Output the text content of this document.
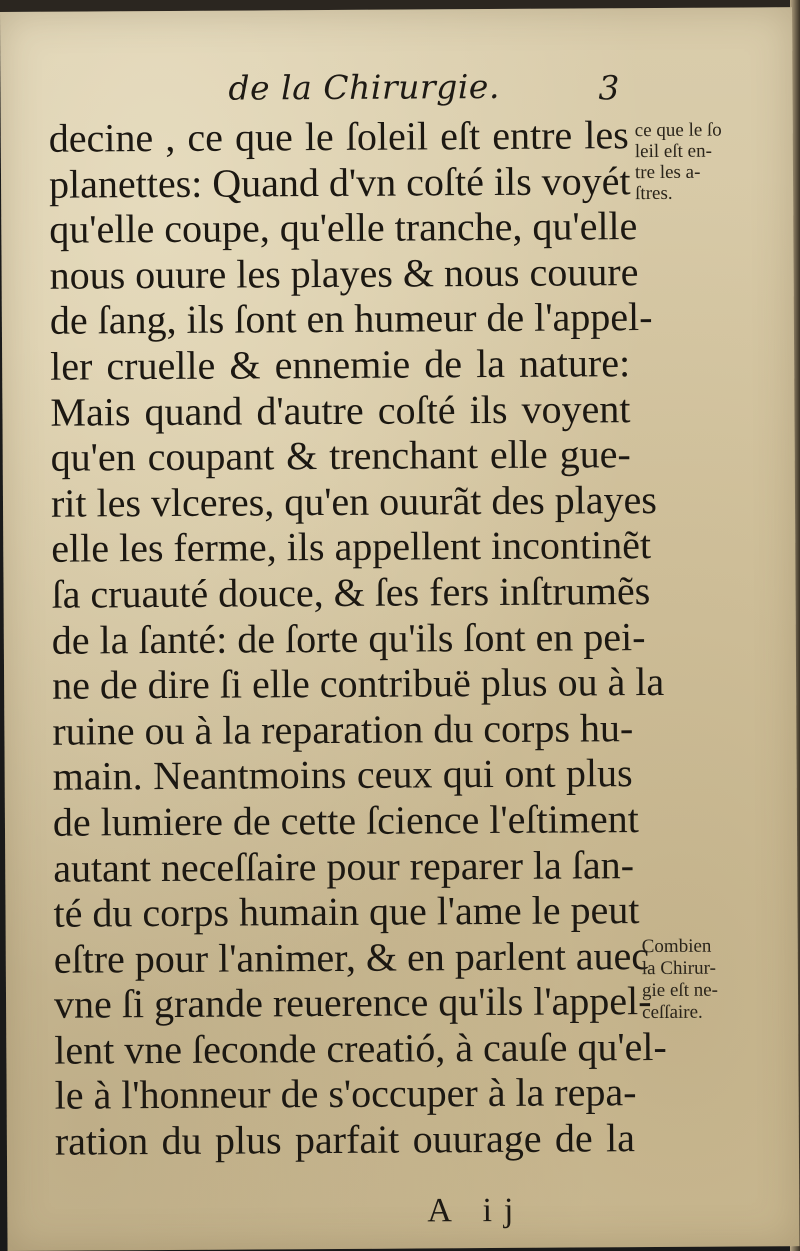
de la Chirurgie.	3
decine , ce que le ſoleil eſt entre les
planettes: Quand d'vn coſté ils voyét
qu'elle coupe, qu'elle tranche, qu'elle
nous ouure les playes & nous couure
de ſang, ils ſont en humeur de l'appel-
ler cruelle & ennemie de la nature:
Mais quand d'autre coſté ils voyent
qu'en coupant & trenchant elle gue-
rit les vlceres, qu'en ouurãt des playes
elle les ferme, ils appellent incontinẽt
ſa cruauté douce, & ſes fers inſtrumẽs
de la ſanté: de ſorte qu'ils ſont en pei-
ne de dire ſi elle contribuë plus ou à la
ruine ou à la reparation du corps hu-
main. Neantmoins ceux qui ont plus
de lumiere de cette ſcience l'eſtiment
autant neceſſaire pour reparer la ſan-
té du corps humain que l'ame le peut
eſtre pour l'animer, & en parlent auec
vne ſi grande reuerence qu'ils l'appel-
lent vne ſeconde creatió, à cauſe qu'el-
le à l'honneur de s'occuper à la repa-
ration du plus parfait ouurage de la
ce que le ſo
leil eſt en-
tre les a-
ſtres.
Combien
la Chirur-
gie eſt ne-
ceſſaire.
A ij
